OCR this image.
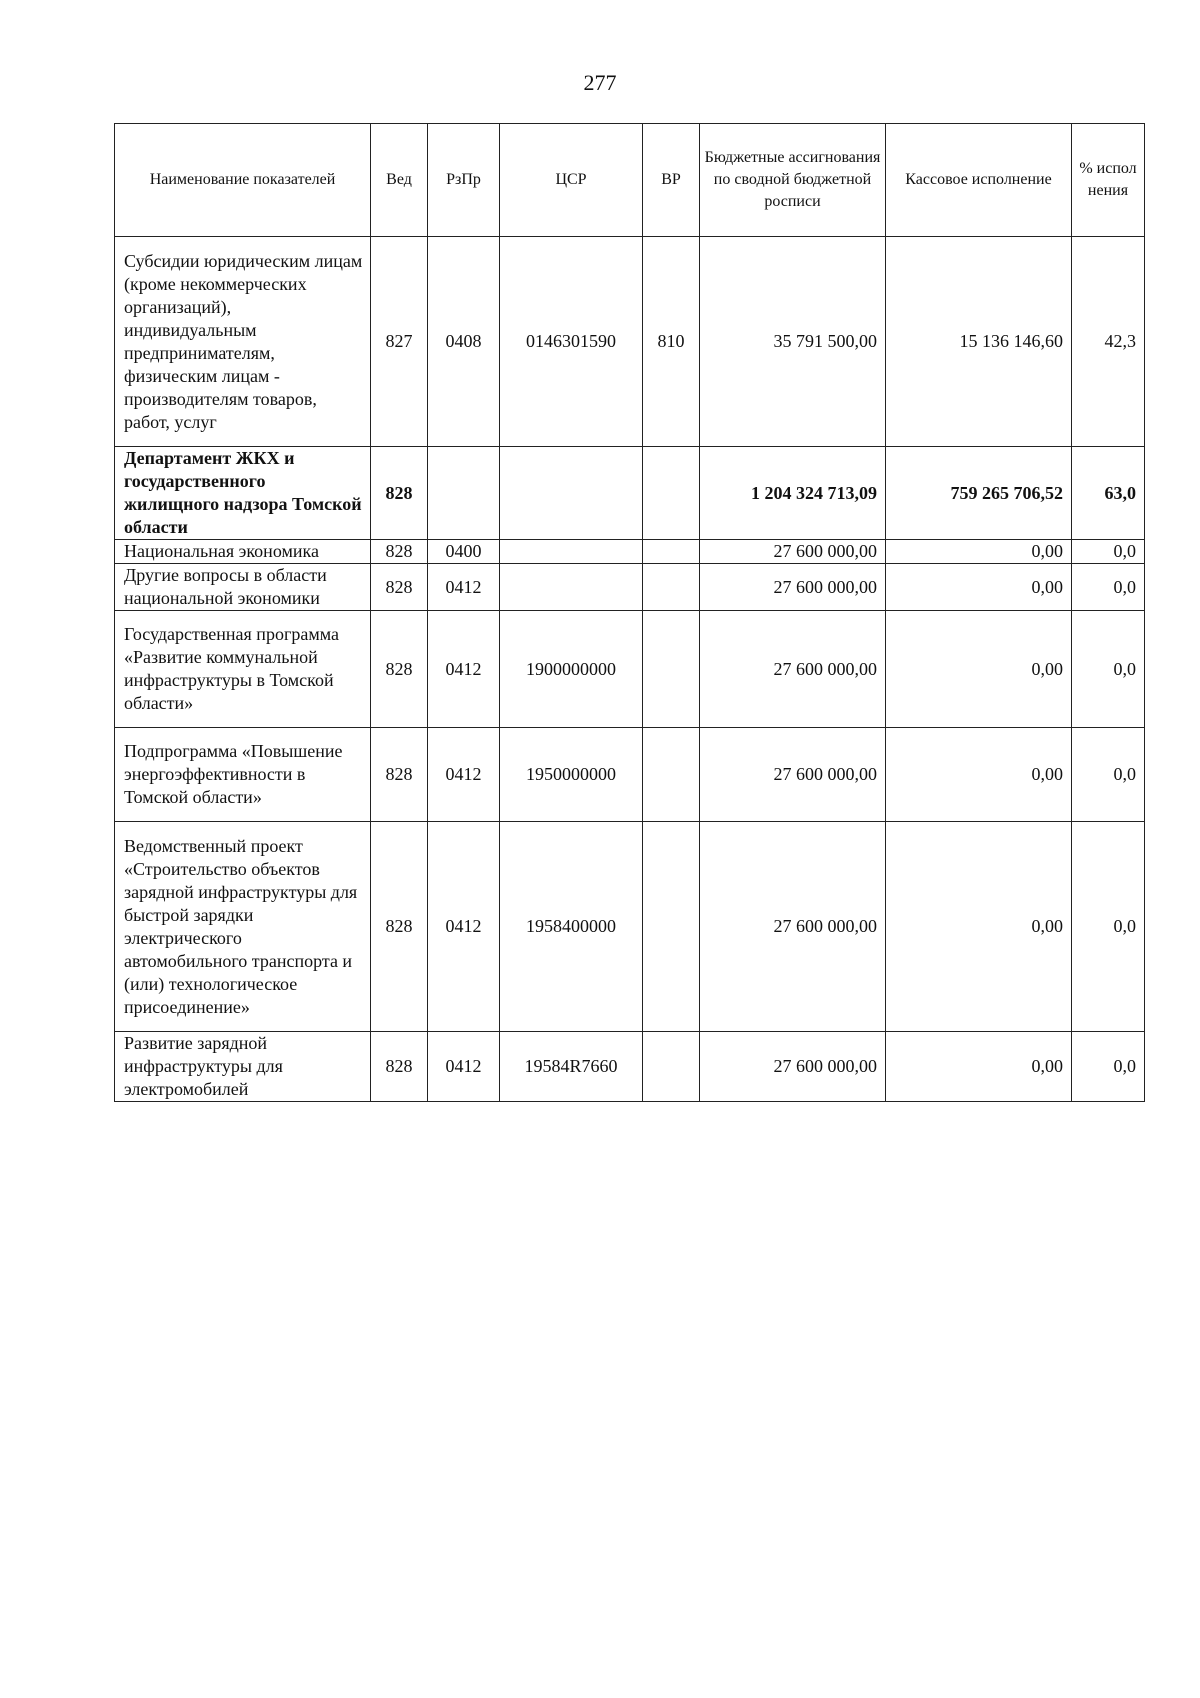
277
Наименование показателей	Вед	РзПр	ЦСР	ВР	Бюджетные ассигнования по сводной бюджетной росписи	Кассовое исполнение	% испол нения
Субсидии юридическим лицам (кроме некоммерческих организаций), индивидуальным предпринимателям, физическим лицам - производителям товаров, работ, услуг	827	0408	0146301590	810	35 791 500,00	15 136 146,60	42,3
Департамент ЖКХ и государственного жилищного надзора Томской области	828				1 204 324 713,09	759 265 706,52	63,0
Национальная экономика	828	0400			27 600 000,00	0,00	0,0
Другие вопросы в области национальной экономики	828	0412			27 600 000,00	0,00	0,0
Государственная программа «Развитие коммунальной инфраструктуры в Томской области»	828	0412	1900000000		27 600 000,00	0,00	0,0
Подпрограмма «Повышение энергоэффективности в Томской области»	828	0412	1950000000		27 600 000,00	0,00	0,0
Ведомственный проект «Строительство объектов зарядной инфраструктуры для быстрой зарядки электрического автомобильного транспорта и (или) технологическое присоединение»	828	0412	1958400000		27 600 000,00	0,00	0,0
Развитие зарядной инфраструктуры для электромобилей	828	0412	19584R7660		27 600 000,00	0,00	0,0
